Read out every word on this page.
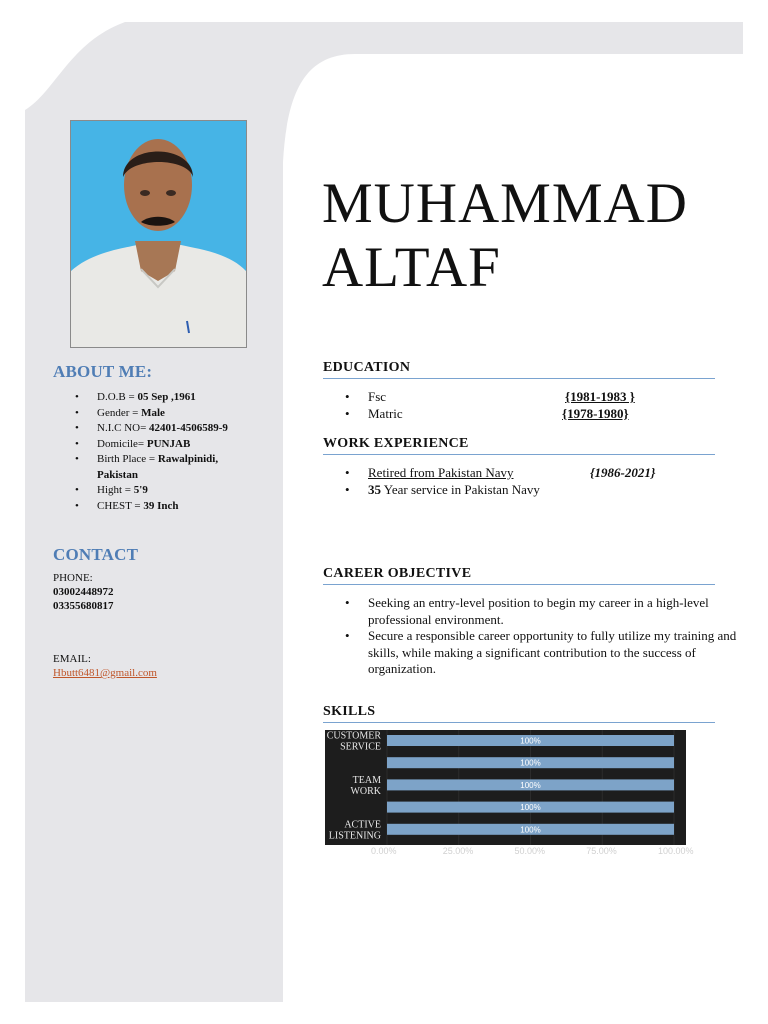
ABOUT ME:
• D.O.B = 05 Sep ,1961
• Gender = Male
• N.I.C NO= 42401-4506589-9
• Domicile= PUNJAB
• Birth Place = Rawalpinidi, Pakistan
• Hight = 5'9
• CHEST = 39 Inch
CONTACT
PHONE:
03002448972
03355680817
EMAIL:
Hbutt6481@gmail.com
MUHAMMAD
ALTAF
EDUCATION
• Fsc	{1981-1983 }
• Matric	{1978-1980}
WORK EXPERIENCE
• Retired from Pakistan Navy	{1986-2021}
• 35 Year service in Pakistan Navy
CAREER OBJECTIVE
• Seeking an entry-level position to begin my career in a high-level professional environment.
• Secure a responsible career opportunity to fully utilize my training and skills, while making a significant contribution to the success of organization.
SKILLS
100%
CUSTOMER
SERVICE
100%
100%
TEAM
WORK
100%
100%
ACTIVE
LISTENING
0.00%	25.00%	50.00%	75.00%	100.00%
